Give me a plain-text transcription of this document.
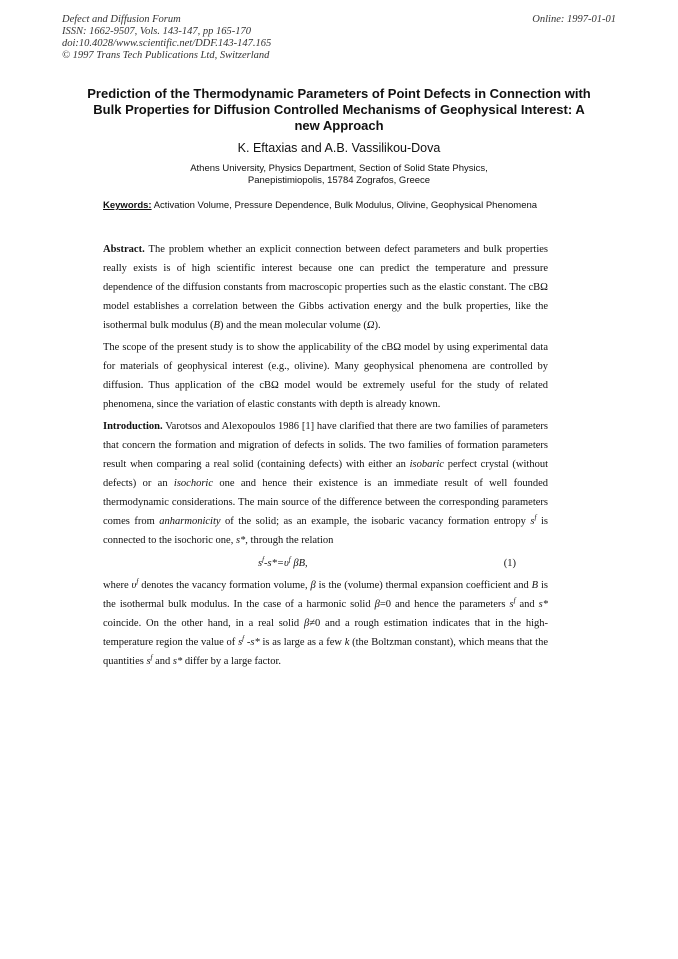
Defect and Diffusion Forum
ISSN: 1662-9507, Vols. 143-147, pp 165-170
doi:10.4028/www.scientific.net/DDF.143-147.165
© 1997 Trans Tech Publications Ltd, Switzerland
Online: 1997-01-01
Prediction of the Thermodynamic Parameters of Point Defects in Connection with Bulk Properties for Diffusion Controlled Mechanisms of Geophysical Interest: A new Approach
K. Eftaxias and A.B. Vassilikou-Dova
Athens University, Physics Department, Section of Solid State Physics,
Panepistimiopolis, 15784 Zografos, Greece
Keywords: Activation Volume, Pressure Dependence, Bulk Modulus, Olivine, Geophysical Phenomena

Abstract. The problem whether an explicit connection between defect parameters and bulk properties really exists is of high scientific interest because one can predict the temperature and pressure dependence of the diffusion constants from macroscopic properties such as the elastic constant. The cBΩ model establishes a correlation between the Gibbs activation energy and the bulk properties, like the isothermal bulk modulus (B) and the mean molecular volume (Ω).

The scope of the present study is to show the applicability of the cBΩ model by using experimental data for materials of geophysical interest (e.g., olivine). Many geophysical phenomena are controlled by diffusion. Thus application of the cBΩ model would be extremely useful for the study of related phenomena, since the variation of elastic constants with depth is already known.

Introduction. Varotsos and Alexopoulos 1986 [1] have clarified that there are two families of parameters that concern the formation and migration of defects in solids. The two families of formation parameters result when comparing a real solid (containing defects) with either an isobaric perfect crystal (without defects) or an isochoric one and hence their existence is an immediate result of well founded thermodynamic considerations. The main source of the difference between the corresponding parameters comes from anharmonicity of the solid; as an example, the isobaric vacancy formation entropy $s^f$ is connected to the isochoric one, s*, through the relation

$s^f-s*=\upsilon^f$ βB,	(1)

where $\upsilon^f$ denotes the vacancy formation volume, β is the (volume) thermal expansion coefficient and B is the isothermal bulk modulus. In the case of a harmonic solid β=0 and hence the parameters $s^f$ and s* coincide. On the other hand, in a real solid β≠0 and a rough estimation indicates that in the high-temperature region the value of $s^f$ -s* is as large as a few k (the Boltzman constant), which means that the quantities $s^f$ and s* differ by a large factor.
